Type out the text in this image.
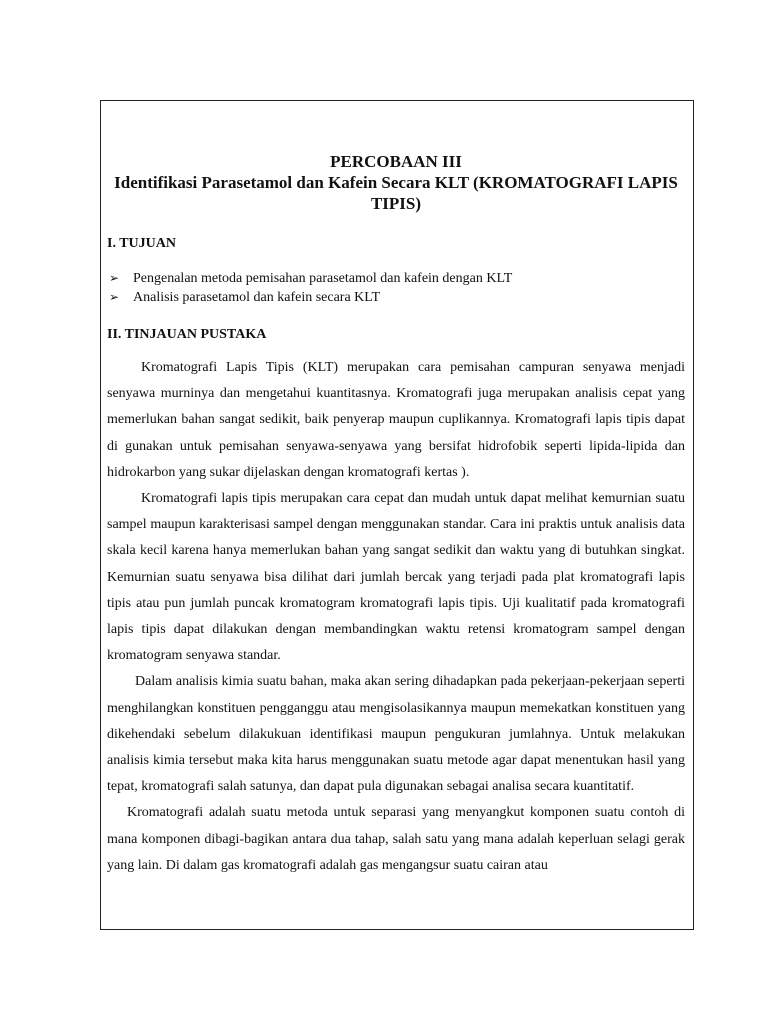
PERCOBAAN III
Identifikasi Parasetamol dan Kafein Secara KLT (KROMATOGRAFI LAPIS TIPIS)
I. TUJUAN
➢ Pengenalan metoda pemisahan parasetamol dan kafein dengan KLT
➢ Analisis parasetamol dan kafein secara KLT
II. TINJAUAN PUSTAKA

Kromatografi Lapis Tipis (KLT) merupakan cara pemisahan campuran senyawa menjadi senyawa murninya dan mengetahui kuantitasnya. Kromatografi juga merupakan analisis cepat yang memerlukan bahan sangat sedikit, baik penyerap maupun cuplikannya. Kromatografi lapis tipis dapat di gunakan untuk pemisahan senyawa-senyawa yang bersifat hidrofobik seperti lipida-lipida dan hidrokarbon yang sukar dijelaskan dengan kromatografi kertas ).

Kromatografi lapis tipis merupakan cara cepat dan mudah untuk dapat melihat kemurnian suatu sampel maupun karakterisasi sampel dengan menggunakan standar. Cara ini praktis untuk analisis data skala kecil karena hanya memerlukan bahan yang sangat sedikit dan waktu yang di butuhkan singkat. Kemurnian suatu senyawa bisa dilihat dari jumlah bercak yang terjadi pada plat kromatografi lapis tipis atau pun jumlah puncak kromatogram kromatografi lapis tipis. Uji kualitatif pada kromatografi lapis tipis dapat dilakukan dengan membandingkan waktu retensi kromatogram sampel dengan kromatogram senyawa standar.

Dalam analisis kimia suatu bahan, maka akan sering dihadapkan pada pekerjaan-pekerjaan seperti menghilangkan konstituen pengganggu atau mengisolasikannya maupun memekatkan konstituen yang dikehendaki sebelum dilakukuan identifikasi maupun pengukuran jumlahnya. Untuk melakukan analisis kimia tersebut maka kita harus menggunakan suatu metode agar dapat menentukan hasil yang tepat, kromatografi salah satunya, dan dapat pula digunakan sebagai analisa secara kuantitatif.

Kromatografi adalah suatu metoda untuk separasi yang menyangkut komponen suatu contoh di mana komponen dibagi-bagikan antara dua tahap, salah satu yang mana adalah keperluan selagi gerak yang lain. Di dalam gas kromatografi adalah gas mengangsur suatu cairan atau
